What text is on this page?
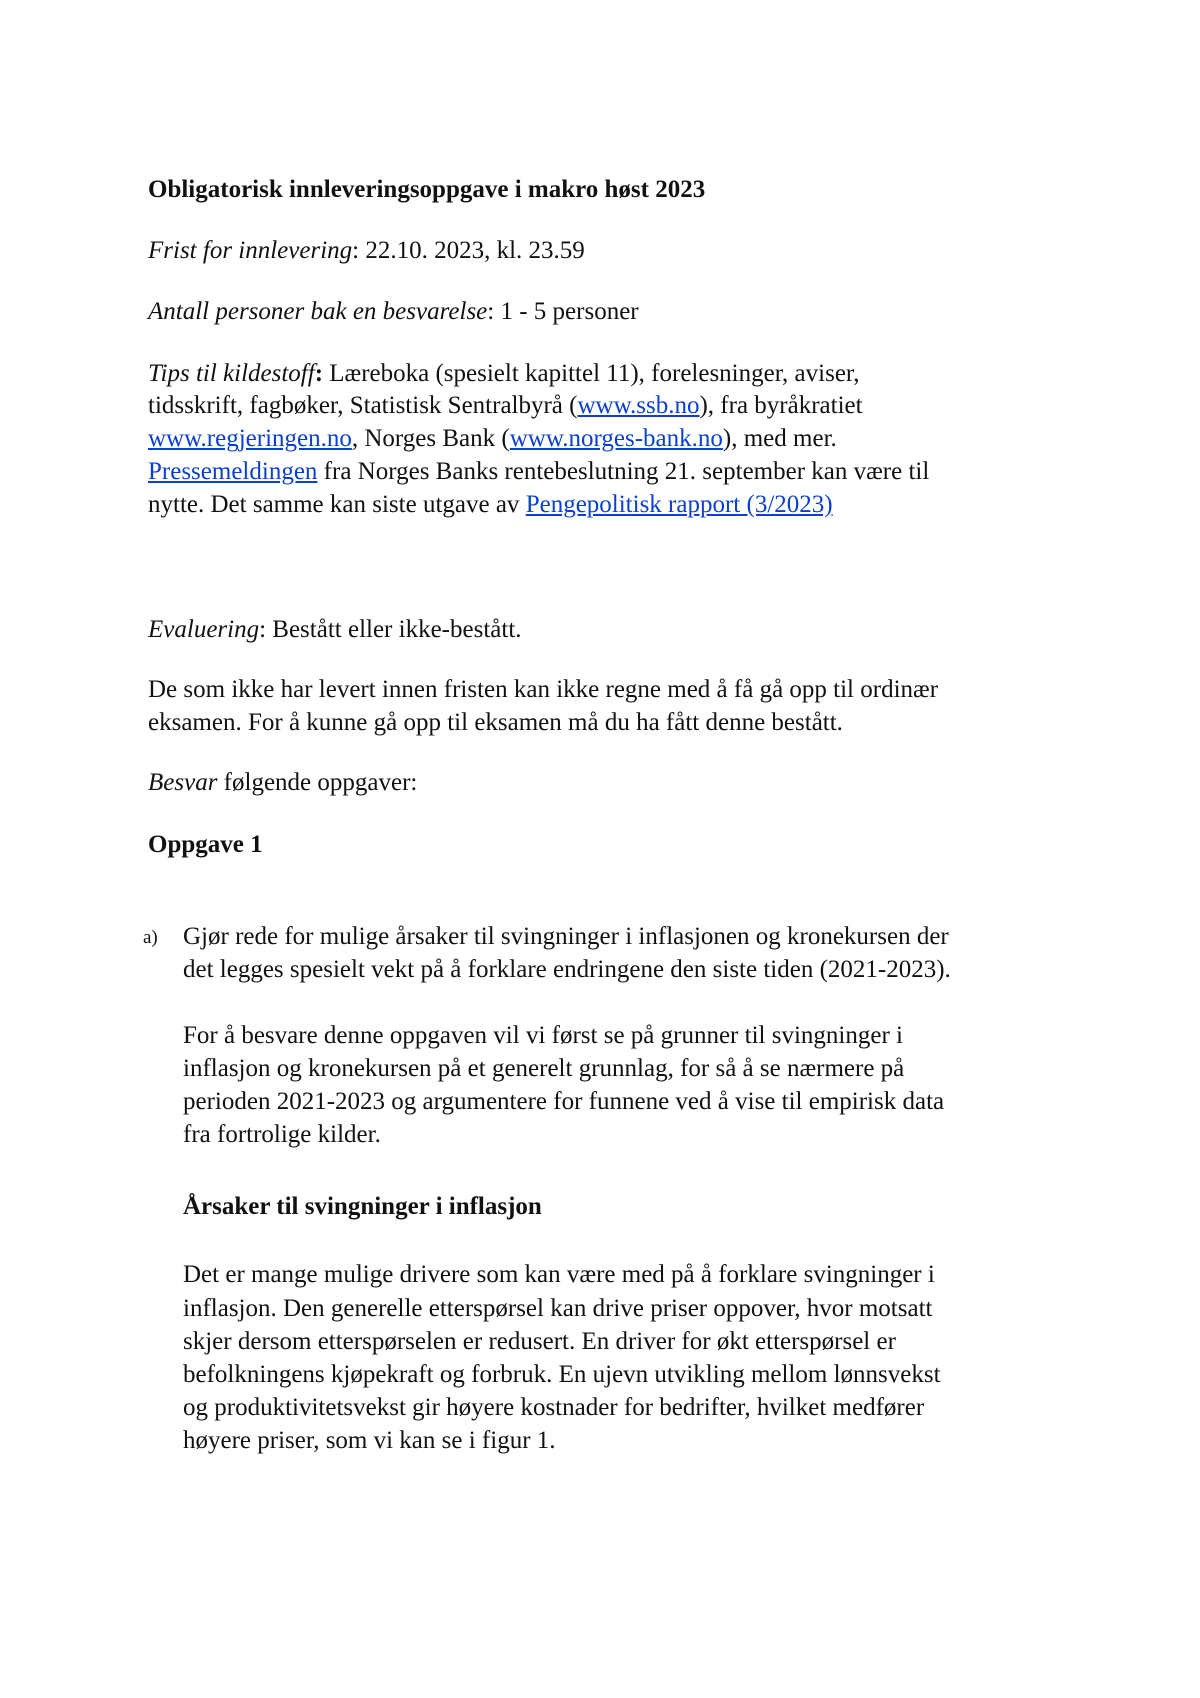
Obligatorisk innleveringsoppgave i makro høst 2023
Frist for innlevering: 22.10. 2023, kl. 23.59
Antall personer bak en besvarelse: 1 - 5 personer
Tips til kildestoff: Læreboka (spesielt kapittel 11), forelesninger, aviser,
tidsskrift, fagbøker, Statistisk Sentralbyrå (www.ssb.no), fra byråkratiet
www.regjeringen.no, Norges Bank (www.norges-bank.no), med mer.
Pressemeldingen fra Norges Banks rentebeslutning 21. september kan være til
nytte. Det samme kan siste utgave av Pengepolitisk rapport (3/2023)
Evaluering: Bestått eller ikke-bestått.
De som ikke har levert innen fristen kan ikke regne med å få gå opp til ordinær
eksamen. For å kunne gå opp til eksamen må du ha fått denne bestått.
Besvar følgende oppgaver:
Oppgave 1
a) Gjør rede for mulige årsaker til svingninger i inflasjonen og kronekursen der
det legges spesielt vekt på å forklare endringene den siste tiden (2021-2023).
For å besvare denne oppgaven vil vi først se på grunner til svingninger i
inflasjon og kronekursen på et generelt grunnlag, for så å se nærmere på
perioden 2021-2023 og argumentere for funnene ved å vise til empirisk data
fra fortrolige kilder.
Årsaker til svingninger i inflasjon
Det er mange mulige drivere som kan være med på å forklare svingninger i
inflasjon. Den generelle etterspørsel kan drive priser oppover, hvor motsatt
skjer dersom etterspørselen er redusert. En driver for økt etterspørsel er
befolkningens kjøpekraft og forbruk. En ujevn utvikling mellom lønnsvekst
og produktivitetsvekst gir høyere kostnader for bedrifter, hvilket medfører
høyere priser, som vi kan se i figur 1.
